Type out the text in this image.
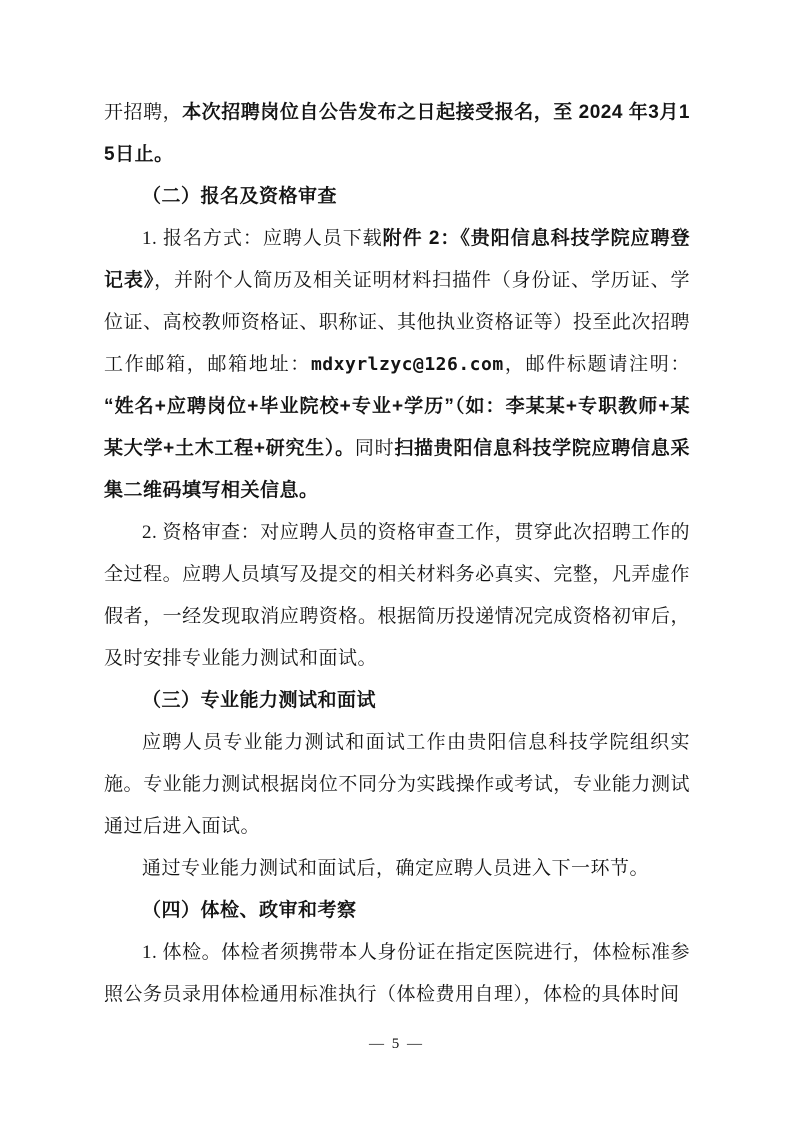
开招聘，本次招聘岗位自公告发布之日起接受报名，至 2024 年3月15日止。

（二）报名及资格审查

1. 报名方式：应聘人员下载附件 2：《贵阳信息科技学院应聘登记表》，并附个人简历及相关证明材料扫描件（身份证、学历证、学位证、高校教师资格证、职称证、其他执业资格证等）投至此次招聘工作邮箱，邮箱地址：mdxyrlzyc@126.com，邮件标题请注明：“姓名+应聘岗位+毕业院校+专业+学历”（如：李某某+专职教师+某某大学+土木工程+研究生）。同时扫描贵阳信息科技学院应聘信息采集二维码填写相关信息。

2. 资格审查：对应聘人员的资格审查工作，贯穿此次招聘工作的全过程。应聘人员填写及提交的相关材料务必真实、完整，凡弄虚作假者，一经发现取消应聘资格。根据简历投递情况完成资格初审后，及时安排专业能力测试和面试。

（三）专业能力测试和面试

应聘人员专业能力测试和面试工作由贵阳信息科技学院组织实施。专业能力测试根据岗位不同分为实践操作或考试，专业能力测试通过后进入面试。

通过专业能力测试和面试后，确定应聘人员进入下一环节。

（四）体检、政审和考察

1. 体检。体检者须携带本人身份证在指定医院进行，体检标准参照公务员录用体检通用标准执行（体检费用自理），体检的具体时间

— 5 —
